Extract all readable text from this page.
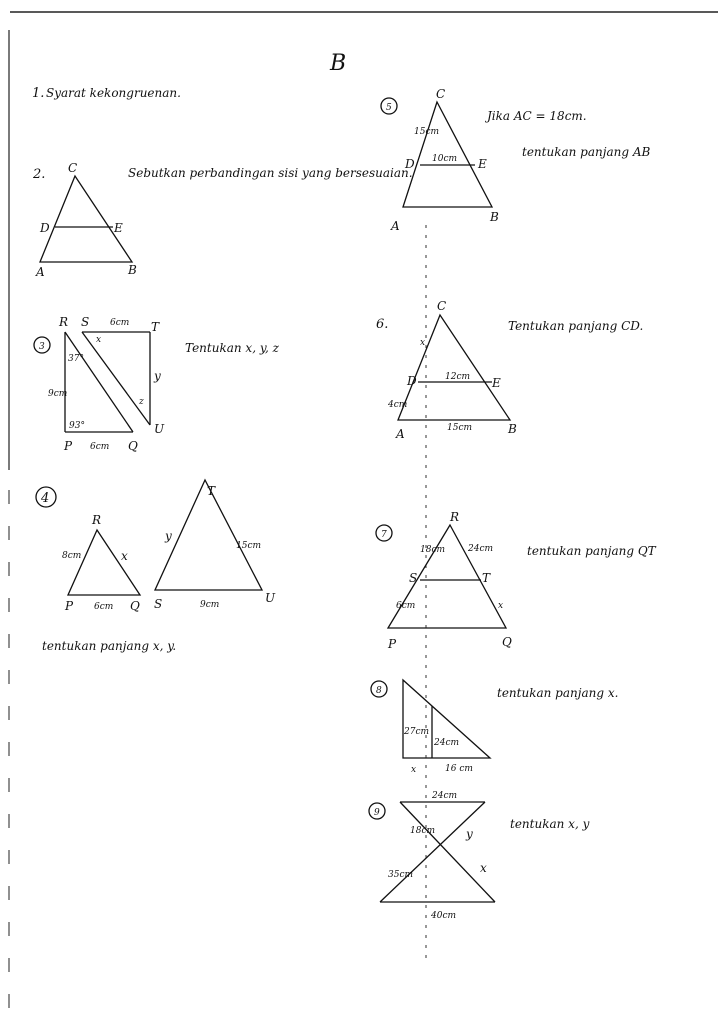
B
1. Syarat kekongruenan.
2.	Sebutkan perbandingan sisi yang bersesuaian.
C
D	E
A	B
3	Tentukan x, y, z
R S
x
6cm T
37°
9cm
y
z
93°	U
P 6cm Q
4
R
8cm	x
P 6cm Q
T
y
15cm
S	9cm	U
tentukan panjang x, y.
5
C
15cm
10cm
D	E
A
B
Jika AC = 18cm.
tentukan panjang AB
6.	Tentukan panjang CD.
C
x
D	12cm E
4cm
A	15cm	B
7
tentukan panjang QT
R
18cm	24cm
S	T
6cm	x
P	Q
8	tentukan panjang x.
27cm
24cm
x	16 cm
9
tentukan x, y
24cm
18cm	y
35cm	x
40cm
